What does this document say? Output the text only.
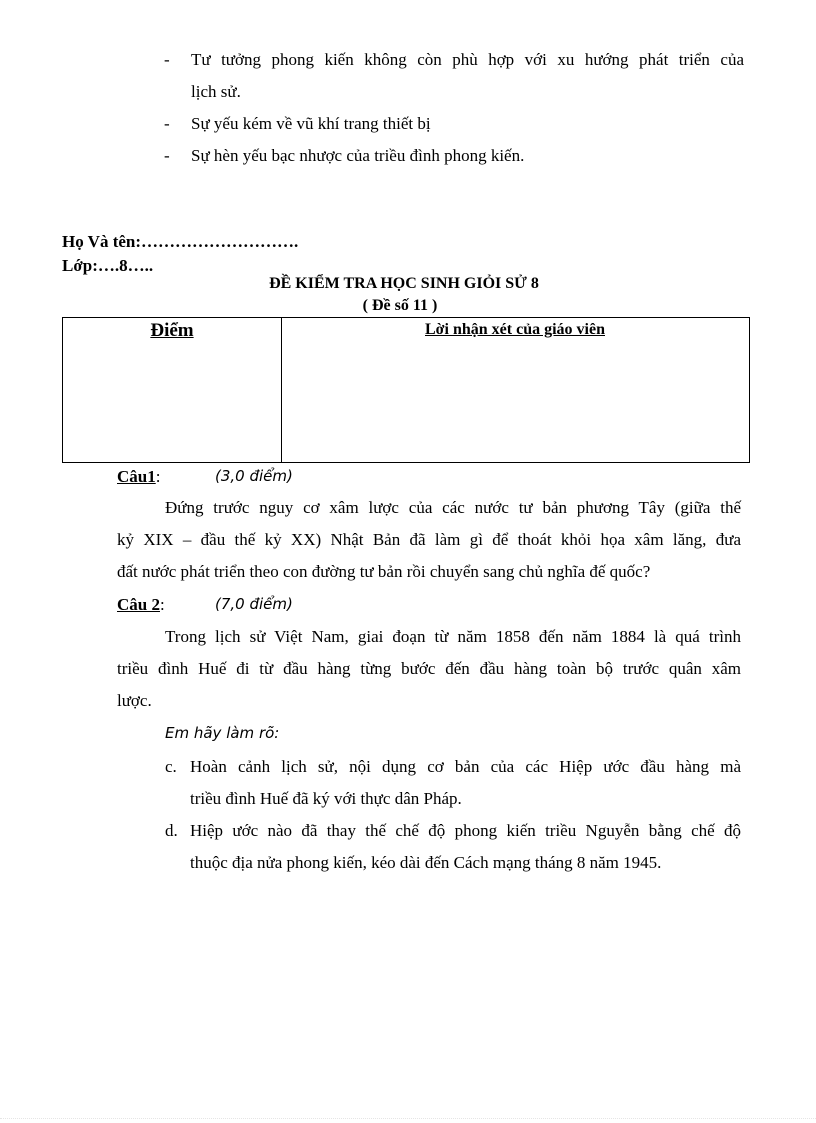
-	Tư tưởng phong kiến không còn phù hợp với xu hướng phát triển của
lịch sử.
-	Sự yếu kém về vũ khí trang thiết bị
-	Sự hèn yếu bạc nhược của triều đình phong kiến.
Họ Và tên:……………………….
Lớp:….8…..
ĐỀ KIỂM TRA HỌC SINH GIỎI SỬ 8
( Đề số 11 )
Điểm	Lời nhận xét của giáo viên
Câu1:	(3,0 điểm)
Đứng trước nguy cơ xâm lược của các nước tư bản phương Tây (giữa thế
kỷ XIX – đầu thế kỷ XX) Nhật Bản đã làm gì để thoát khỏi họa xâm lăng, đưa
đất nước phát triển theo con đường tư bản rồi chuyển sang chủ nghĩa đế quốc?
Câu 2:	(7,0 điểm)
Trong lịch sử Việt Nam, giai đoạn từ năm 1858 đến năm 1884 là quá trình
triều đình Huế đi từ đầu hàng từng bước đến đầu hàng toàn bộ trước quân xâm
lược.
Em hãy làm rõ:
c. Hoàn cảnh lịch sử, nội dụng cơ bản của các Hiệp ước đầu hàng mà
triều đình Huế đã ký với thực dân Pháp.
d. Hiệp ước nào đã thay thế chế độ phong kiến triều Nguyễn bằng chế độ
thuộc địa nửa phong kiến, kéo dài đến Cách mạng tháng 8 năm 1945.
